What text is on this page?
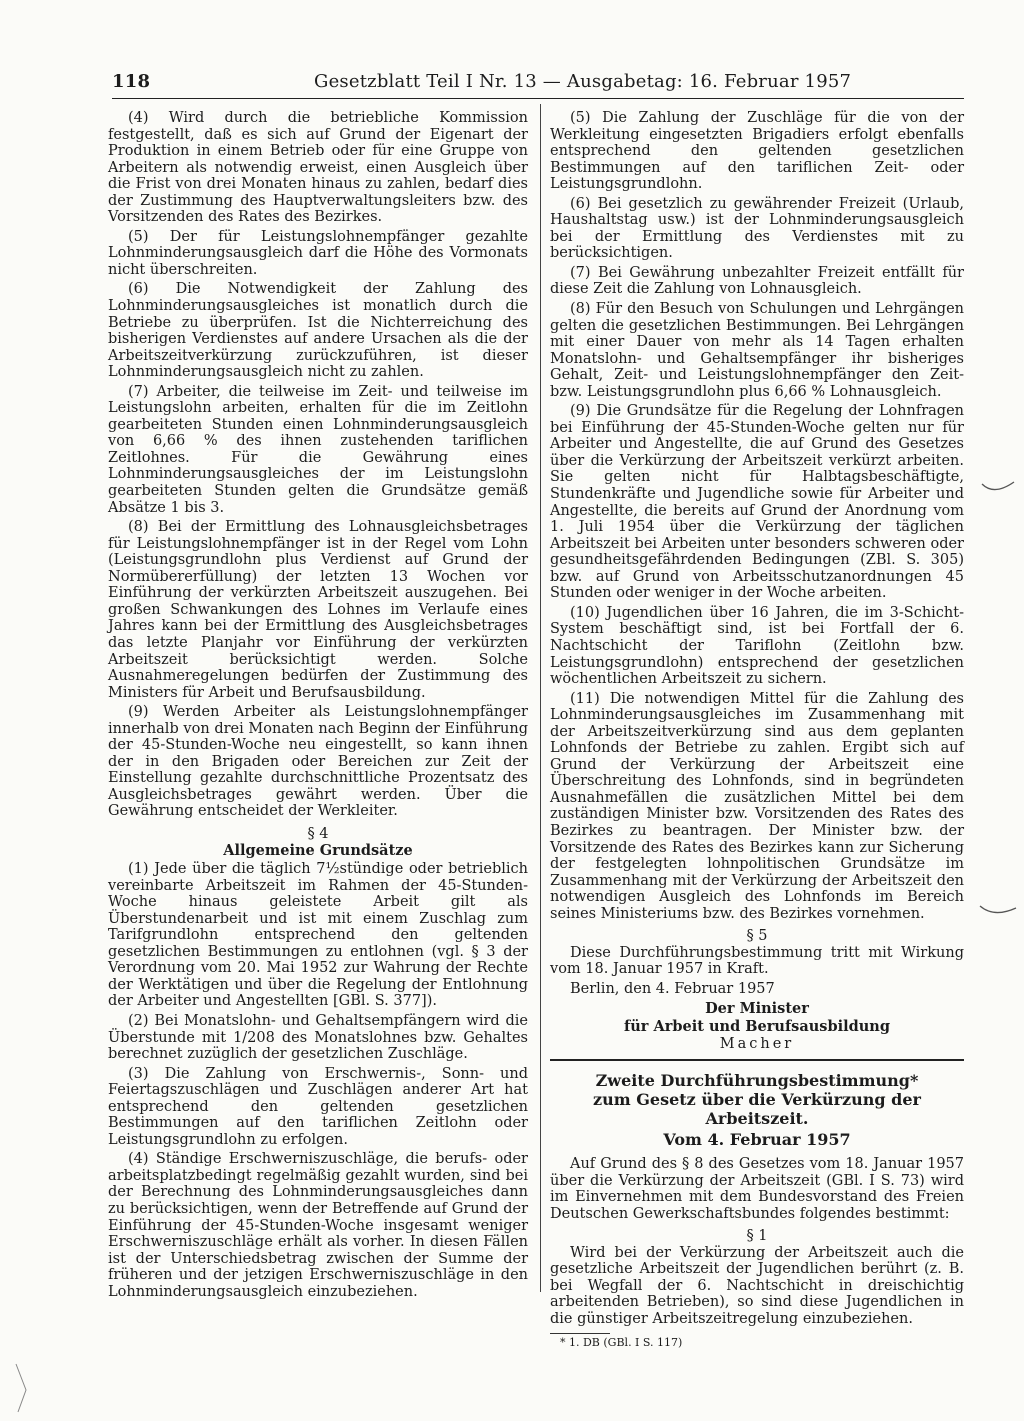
118	Gesetzblatt Teil I Nr. 13 — Ausgabetag: 16. Februar 1957

(4) Wird durch die betriebliche Kommission festgestellt, daß es sich auf Grund der Eigenart der Produktion in einem Betrieb oder für eine Gruppe von Arbeitern als notwendig erweist, einen Ausgleich über die Frist von drei Monaten hinaus zu zahlen, bedarf dies der Zustimmung des Hauptverwaltungsleiters bzw. des Vorsitzenden des Rates des Bezirkes.

(5) Der für Leistungslohnempfänger gezahlte Lohnminderungsausgleich darf die Höhe des Vormonats nicht überschreiten.

(6) Die Notwendigkeit der Zahlung des Lohnminderungsausgleiches ist monatlich durch die Betriebe zu überprüfen. Ist die Nichterreichung des bisherigen Verdienstes auf andere Ursachen als die der Arbeitszeitverkürzung zurückzuführen, ist dieser Lohnminderungsausgleich nicht zu zahlen.

(7) Arbeiter, die teilweise im Zeit- und teilweise im Leistungslohn arbeiten, erhalten für die im Zeitlohn gearbeiteten Stunden einen Lohnminderungsausgleich von 6,66 % des ihnen zustehenden tariflichen Zeitlohnes. Für die Gewährung eines Lohnminderungsausgleiches der im Leistungslohn gearbeiteten Stunden gelten die Grundsätze gemäß Absätze 1 bis 3.

(8) Bei der Ermittlung des Lohnausgleichsbetrages für Leistungslohnempfänger ist in der Regel vom Lohn (Leistungsgrundlohn plus Verdienst auf Grund der Normübererfüllung) der letzten 13 Wochen vor Einführung der verkürzten Arbeitszeit auszugehen. Bei großen Schwankungen des Lohnes im Verlaufe eines Jahres kann bei der Ermittlung des Ausgleichsbetrages das letzte Planjahr vor Einführung der verkürzten Arbeitszeit berücksichtigt werden. Solche Ausnahmeregelungen bedürfen der Zustimmung des Ministers für Arbeit und Berufsausbildung.

(9) Werden Arbeiter als Leistungslohnempfänger innerhalb von drei Monaten nach Beginn der Einführung der 45-Stunden-Woche neu eingestellt, so kann ihnen der in den Brigaden oder Bereichen zur Zeit der Einstellung gezahlte durchschnittliche Prozentsatz des Ausgleichsbetrages gewährt werden. Über die Gewährung entscheidet der Werkleiter.

§ 4
Allgemeine Grundsätze

(1) Jede über die täglich 7½stündige oder betrieblich vereinbarte Arbeitszeit im Rahmen der 45-Stunden-Woche hinaus geleistete Arbeit gilt als Überstundenarbeit und ist mit einem Zuschlag zum Tarifgrundlohn entsprechend den geltenden gesetzlichen Bestimmungen zu entlohnen (vgl. § 3 der Verordnung vom 20. Mai 1952 zur Wahrung der Rechte der Werktätigen und über die Regelung der Entlohnung der Arbeiter und Angestellten [GBl. S. 377]).

(2) Bei Monatslohn- und Gehaltsempfängern wird die Überstunde mit 1/208 des Monatslohnes bzw. Gehaltes berechnet zuzüglich der gesetzlichen Zuschläge.

(3) Die Zahlung von Erschwernis-, Sonn- und Feiertagszuschlägen und Zuschlägen anderer Art hat entsprechend den geltenden gesetzlichen Bestimmungen auf den tariflichen Zeitlohn oder Leistungsgrundlohn zu erfolgen.

(4) Ständige Erschwerniszuschläge, die berufs- oder arbeitsplatzbedingt regelmäßig gezahlt wurden, sind bei der Berechnung des Lohnminderungsausgleiches dann zu berücksichtigen, wenn der Betreffende auf Grund der Einführung der 45-Stunden-Woche insgesamt weniger Erschwerniszuschläge erhält als vorher. In diesen Fällen ist der Unterschiedsbetrag zwischen der Summe der früheren und der jetzigen Erschwerniszuschläge in den Lohnminderungsausgleich einzubeziehen.

(5) Die Zahlung der Zuschläge für die von der Werkleitung eingesetzten Brigadiers erfolgt ebenfalls entsprechend den geltenden gesetzlichen Bestimmungen auf den tariflichen Zeit- oder Leistungsgrundlohn.

(6) Bei gesetzlich zu gewährender Freizeit (Urlaub, Haushaltstag usw.) ist der Lohnminderungsausgleich bei der Ermittlung des Verdienstes mit zu berücksichtigen.

(7) Bei Gewährung unbezahlter Freizeit entfällt für diese Zeit die Zahlung von Lohnausgleich.

(8) Für den Besuch von Schulungen und Lehrgängen gelten die gesetzlichen Bestimmungen. Bei Lehrgängen mit einer Dauer von mehr als 14 Tagen erhalten Monatslohn- und Gehaltsempfänger ihr bisheriges Gehalt, Zeit- und Leistungslohnempfänger den Zeit- bzw. Leistungsgrundlohn plus 6,66 % Lohnausgleich.

(9) Die Grundsätze für die Regelung der Lohnfragen bei Einführung der 45-Stunden-Woche gelten nur für Arbeiter und Angestellte, die auf Grund des Gesetzes über die Verkürzung der Arbeitszeit verkürzt arbeiten. Sie gelten nicht für Halbtagsbeschäftigte, Stundenkräfte und Jugendliche sowie für Arbeiter und Angestellte, die bereits auf Grund der Anordnung vom 1. Juli 1954 über die Verkürzung der täglichen Arbeitszeit bei Arbeiten unter besonders schweren oder gesundheitsgefährdenden Bedingungen (ZBl. S. 305) bzw. auf Grund von Arbeitsschutzanordnungen 45 Stunden oder weniger in der Woche arbeiten.

(10) Jugendlichen über 16 Jahren, die im 3-Schicht-System beschäftigt sind, ist bei Fortfall der 6. Nachtschicht der Tariflohn (Zeitlohn bzw. Leistungsgrundlohn) entsprechend der gesetzlichen wöchentlichen Arbeitszeit zu sichern.

(11) Die notwendigen Mittel für die Zahlung des Lohnminderungsausgleiches im Zusammenhang mit der Arbeitszeitverkürzung sind aus dem geplanten Lohnfonds der Betriebe zu zahlen. Ergibt sich auf Grund der Verkürzung der Arbeitszeit eine Überschreitung des Lohnfonds, sind in begründeten Ausnahmefällen die zusätzlichen Mittel bei dem zuständigen Minister bzw. Vorsitzenden des Rates des Bezirkes zu beantragen. Der Minister bzw. der Vorsitzende des Rates des Bezirkes kann zur Sicherung der festgelegten lohnpolitischen Grundsätze im Zusammenhang mit der Verkürzung der Arbeitszeit den notwendigen Ausgleich des Lohnfonds im Bereich seines Ministeriums bzw. des Bezirkes vornehmen.

§ 5

Diese Durchführungsbestimmung tritt mit Wirkung vom 18. Januar 1957 in Kraft.

Berlin, den 4. Februar 1957

Der Minister
für Arbeit und Berufsausbildung
Macher
Zweite Durchführungsbestimmung*
zum Gesetz über die Verkürzung der Arbeitszeit.
Vom 4. Februar 1957

Auf Grund des § 8 des Gesetzes vom 18. Januar 1957 über die Verkürzung der Arbeitszeit (GBl. I S. 73) wird im Einvernehmen mit dem Bundesvorstand des Freien Deutschen Gewerkschaftsbundes folgendes bestimmt:

§ 1

Wird bei der Verkürzung der Arbeitszeit auch die gesetzliche Arbeitszeit der Jugendlichen berührt (z. B. bei Wegfall der 6. Nachtschicht in dreischichtig arbeitenden Betrieben), so sind diese Jugendlichen in die günstiger Arbeitszeitregelung einzubeziehen.

* 1. DB (GBl. I S. 117)
